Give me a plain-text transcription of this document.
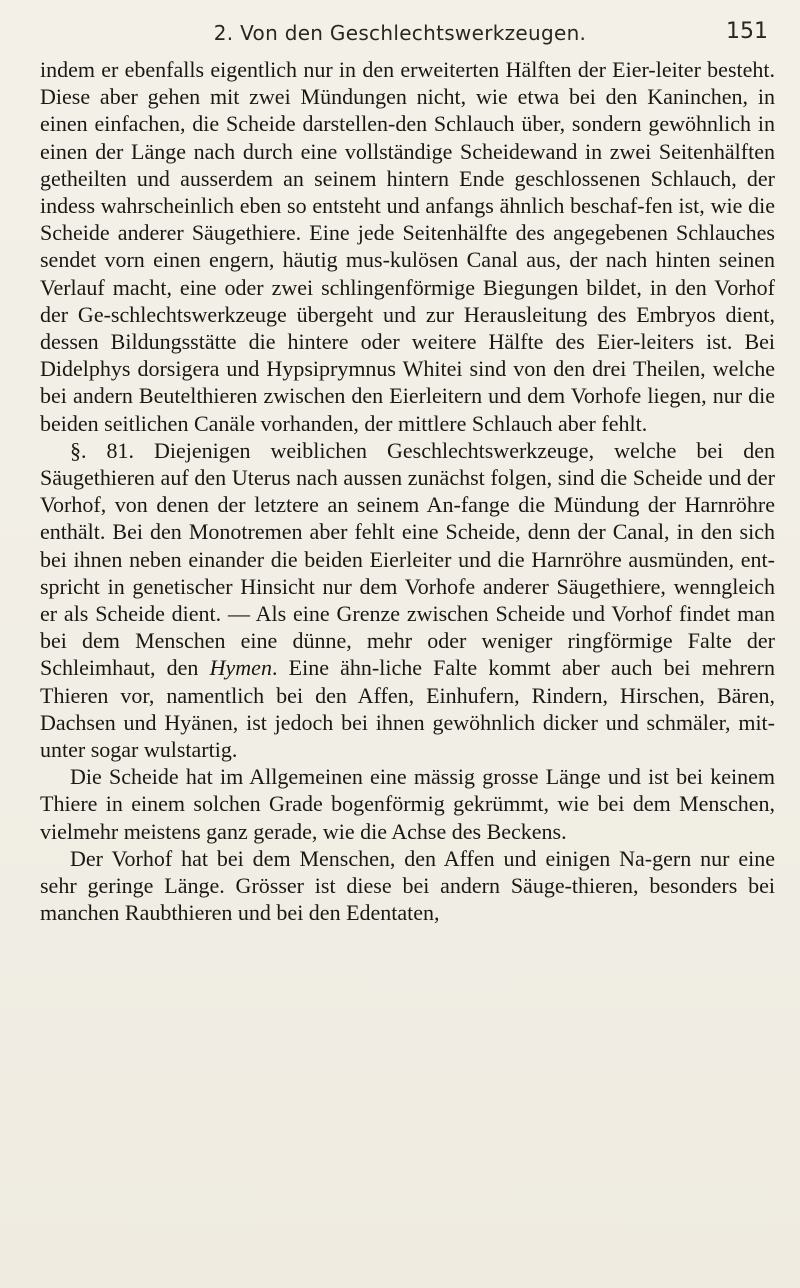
2. Von den Geschlechtswerkzeugen.	151

indem er ebenfalls eigentlich nur in den erweiterten Hälften der Eier-leiter besteht. Diese aber gehen mit zwei Mündungen nicht, wie etwa bei den Kaninchen, in einen einfachen, die Scheide darstellen-den Schlauch über, sondern gewöhnlich in einen der Länge nach durch eine vollständige Scheidewand in zwei Seitenhälften getheilten und ausserdem an seinem hintern Ende geschlossenen Schlauch, der indess wahrscheinlich eben so entsteht und anfangs ähnlich beschaf-fen ist, wie die Scheide anderer Säugethiere. Eine jede Seitenhälfte des angegebenen Schlauches sendet vorn einen engern, häutig mus-kulösen Canal aus, der nach hinten seinen Verlauf macht, eine oder zwei schlingenförmige Biegungen bildet, in den Vorhof der Ge-schlechtswerkzeuge übergeht und zur Herausleitung des Embryos dient, dessen Bildungsstätte die hintere oder weitere Hälfte des Eier-leiters ist. Bei Didelphys dorsigera und Hypsiprymnus Whitei sind von den drei Theilen, welche bei andern Beutelthieren zwischen den Eierleitern und dem Vorhofe liegen, nur die beiden seitlichen Canäle vorhanden, der mittlere Schlauch aber fehlt.

§. 81. Diejenigen weiblichen Geschlechtswerkzeuge, welche bei den Säugethieren auf den Uterus nach aussen zunächst folgen, sind die Scheide und der Vorhof, von denen der letztere an seinem An-fange die Mündung der Harnröhre enthält. Bei den Monotremen aber fehlt eine Scheide, denn der Canal, in den sich bei ihnen neben einander die beiden Eierleiter und die Harnröhre ausmünden, ent-spricht in genetischer Hinsicht nur dem Vorhofe anderer Säugethiere, wenngleich er als Scheide dient. — Als eine Grenze zwischen Scheide und Vorhof findet man bei dem Menschen eine dünne, mehr oder weniger ringförmige Falte der Schleimhaut, den Hymen. Eine ähn-liche Falte kommt aber auch bei mehrern Thieren vor, namentlich bei den Affen, Einhufern, Rindern, Hirschen, Bären, Dachsen und Hyänen, ist jedoch bei ihnen gewöhnlich dicker und schmäler, mit-unter sogar wulstartig.

Die Scheide hat im Allgemeinen eine mässig grosse Länge und ist bei keinem Thiere in einem solchen Grade bogenförmig gekrümmt, wie bei dem Menschen, vielmehr meistens ganz gerade, wie die Achse des Beckens.

Der Vorhof hat bei dem Menschen, den Affen und einigen Na-gern nur eine sehr geringe Länge. Grösser ist diese bei andern Säuge-thieren, besonders bei manchen Raubthieren und bei den Edentaten,
